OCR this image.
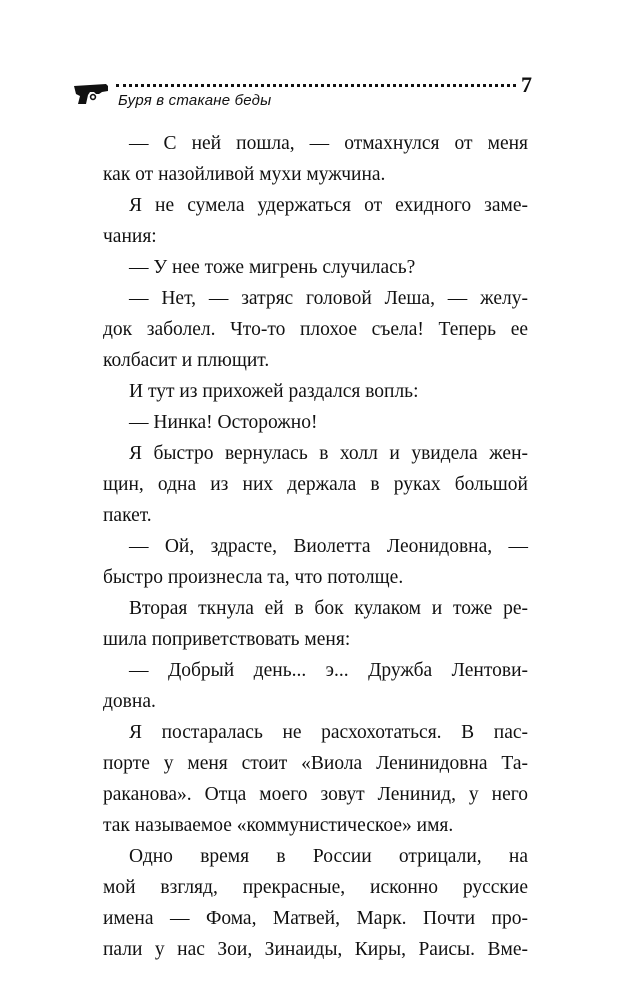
Буря в стакане беды
7
— С ней пошла, — отмахнулся от меня
как от назойливой мухи мужчина.
Я не сумела удержаться от ехидного заме-
чания:
— У нее тоже мигрень случилась?
— Нет, — затряс головой Леша, — желу-
док заболел. Что-то плохое съела! Теперь ее
колбасит и плющит.
И тут из прихожей раздался вопль:
— Нинка! Осторожно!
Я быстро вернулась в холл и увидела жен-
щин, одна из них держала в руках большой
пакет.
— Ой, здрасте, Виолетта Леонидовна, —
быстро произнесла та, что потолще.
Вторая ткнула ей в бок кулаком и тоже ре-
шила поприветствовать меня:
— Добрый день... э... Дружба Лентови-
довна.
Я постаралась не расхохотаться. В пас-
порте у меня стоит «Виола Ленинидовна Та-
раканова». Отца моего зовут Ленинид, у него
так называемое «коммунистическое» имя.
Одно время в России отрицали, на
мой взгляд, прекрасные, исконно русские
имена — Фома, Матвей, Марк. Почти про-
пали у нас Зои, Зинаиды, Киры, Раисы. Вме-
